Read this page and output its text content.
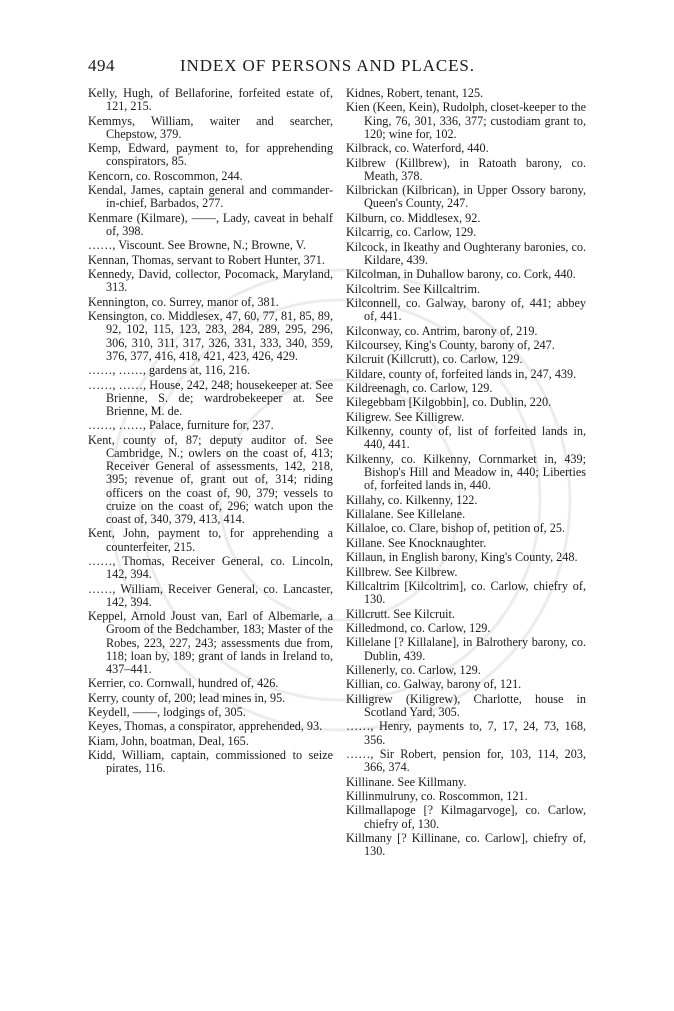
494	INDEX OF PERSONS AND PLACES.

Kelly, Hugh, of Bellaforine, forfeited estate of, 121, 215.

Kemmys, William, waiter and searcher, Chepstow, 379.

Kemp, Edward, payment to, for apprehending conspirators, 85.

Kencorn, co. Roscommon, 244.

Kendal, James, captain general and commander-in-chief, Barbados, 277.

Kenmare (Kilmare), ——, Lady, caveat in behalf of, 398.

……, Viscount. See Browne, N.; Browne, V.

Kennan, Thomas, servant to Robert Hunter, 371.

Kennedy, David, collector, Pocomack, Maryland, 313.

Kennington, co. Surrey, manor of, 381.

Kensington, co. Middlesex, 47, 60, 77, 81, 85, 89, 92, 102, 115, 123, 283, 284, 289, 295, 296, 306, 310, 311, 317, 326, 331, 333, 340, 359, 376, 377, 416, 418, 421, 423, 426, 429.

……, ……, gardens at, 116, 216.

……, ……, House, 242, 248; housekeeper at. See Brienne, S. de; wardrobekeeper at. See Brienne, M. de.

……, ……, Palace, furniture for, 237.

Kent, county of, 87; deputy auditor of. See Cambridge, N.; owlers on the coast of, 413; Receiver General of assessments, 142, 218, 395; revenue of, grant out of, 314; riding officers on the coast of, 90, 379; vessels to cruize on the coast of, 296; watch upon the coast of, 340, 379, 413, 414.

Kent, John, payment to, for apprehending a counterfeiter, 215.

……, Thomas, Receiver General, co. Lincoln, 142, 394.

……, William, Receiver General, co. Lancaster, 142, 394.

Keppel, Arnold Joust van, Earl of Albemarle, a Groom of the Bedchamber, 183; Master of the Robes, 223, 227, 243; assessments due from, 118; loan by, 189; grant of lands in Ireland to, 437–441.

Kerrier, co. Cornwall, hundred of, 426.

Kerry, county of, 200; lead mines in, 95.

Keydell, ——, lodgings of, 305.

Keyes, Thomas, a conspirator, apprehended, 93.

Kiam, John, boatman, Deal, 165.

Kidd, William, captain, commissioned to seize pirates, 116.

Kidnes, Robert, tenant, 125.

Kien (Keen, Kein), Rudolph, closet-keeper to the King, 76, 301, 336, 377; custodiam grant to, 120; wine for, 102.

Kilbrack, co. Waterford, 440.

Kilbrew (Killbrew), in Ratoath barony, co. Meath, 378.

Kilbrickan (Kilbrican), in Upper Ossory barony, Queen's County, 247.

Kilburn, co. Middlesex, 92.

Kilcarrig, co. Carlow, 129.

Kilcock, in Ikeathy and Oughterany baronies, co. Kildare, 439.

Kilcolman, in Duhallow barony, co. Cork, 440.

Kilcoltrim. See Killcaltrim.

Kilconnell, co. Galway, barony of, 441; abbey of, 441.

Kilconway, co. Antrim, barony of, 219.

Kilcoursey, King's County, barony of, 247.

Kilcruit (Killcrutt), co. Carlow, 129.

Kildare, county of, forfeited lands in, 247, 439.

Kildreenagh, co. Carlow, 129.

Kilegebbam [Kilgobbin], co. Dublin, 220.

Kiligrew. See Killigrew.

Kilkenny, county of, list of forfeited lands in, 440, 441.

Kilkenny, co. Kilkenny, Cornmarket in, 439; Bishop's Hill and Meadow in, 440; Liberties of, forfeited lands in, 440.

Killahy, co. Kilkenny, 122.

Killalane. See Killelane.

Killaloe, co. Clare, bishop of, petition of, 25.

Killane. See Knocknaughter.

Killaun, in English barony, King's County, 248.

Killbrew. See Kilbrew.

Killcaltrim [Kilcoltrim], co. Carlow, chiefry of, 130.

Killcrutt. See Kilcruit.

Killedmond, co. Carlow, 129.

Killelane [? Killalane], in Balrothery barony, co. Dublin, 439.

Killenerly, co. Carlow, 129.

Killian, co. Galway, barony of, 121.

Killigrew (Kiligrew), Charlotte, house in Scotland Yard, 305.

……, Henry, payments to, 7, 17, 24, 73, 168, 356.

……, Sir Robert, pension for, 103, 114, 203, 366, 374.

Killinane. See Killmany.

Killinmulruny, co. Roscommon, 121.

Killmallapoge [? Kilmagarvoge], co. Carlow, chiefry of, 130.

Killmany [? Killinane, co. Carlow], chiefry of, 130.
